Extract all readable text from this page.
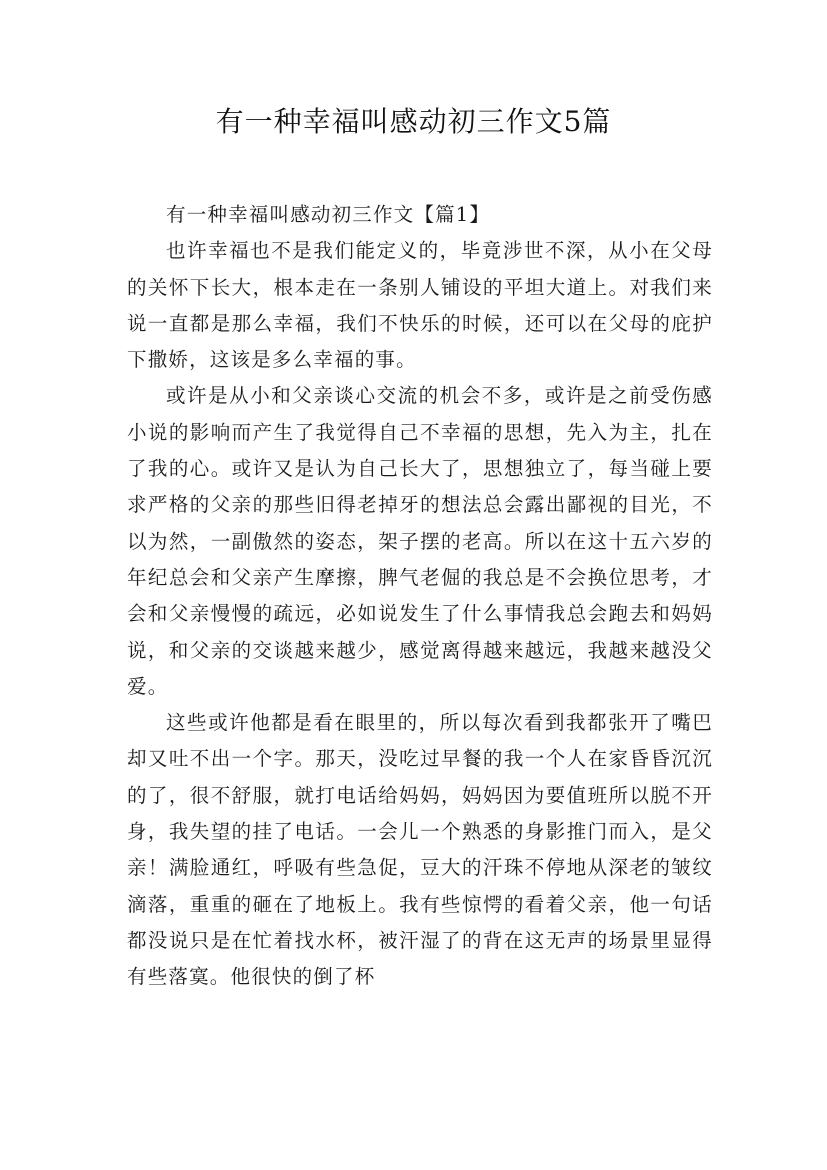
有一种幸福叫感动初三作文5篇
有一种幸福叫感动初三作文【篇1】

也许幸福也不是我们能定义的，毕竟涉世不深，从小在父母的关怀下长大，根本走在一条别人铺设的平坦大道上。对我们来说一直都是那么幸福，我们不快乐的时候，还可以在父母的庇护下撒娇，这该是多么幸福的事。

或许是从小和父亲谈心交流的机会不多，或许是之前受伤感小说的影响而产生了我觉得自己不幸福的思想，先入为主，扎在了我的心。或许又是认为自己长大了，思想独立了，每当碰上要求严格的父亲的那些旧得老掉牙的想法总会露出鄙视的目光，不以为然，一副傲然的姿态，架子摆的老高。所以在这十五六岁的年纪总会和父亲产生摩擦，脾气老倔的我总是不会换位思考，才会和父亲慢慢的疏远，必如说发生了什么事情我总会跑去和妈妈说，和父亲的交谈越来越少，感觉离得越来越远，我越来越没父爱。

这些或许他都是看在眼里的，所以每次看到我都张开了嘴巴却又吐不出一个字。那天，没吃过早餐的我一个人在家昏昏沉沉的了，很不舒服，就打电话给妈妈，妈妈因为要值班所以脱不开身，我失望的挂了电话。一会儿一个熟悉的身影推门而入，是父亲！满脸通红，呼吸有些急促，豆大的汗珠不停地从深老的皱纹滴落，重重的砸在了地板上。我有些惊愕的看着父亲，他一句话都没说只是在忙着找水杯，被汗湿了的背在这无声的场景里显得有些落寞。他很快的倒了杯
